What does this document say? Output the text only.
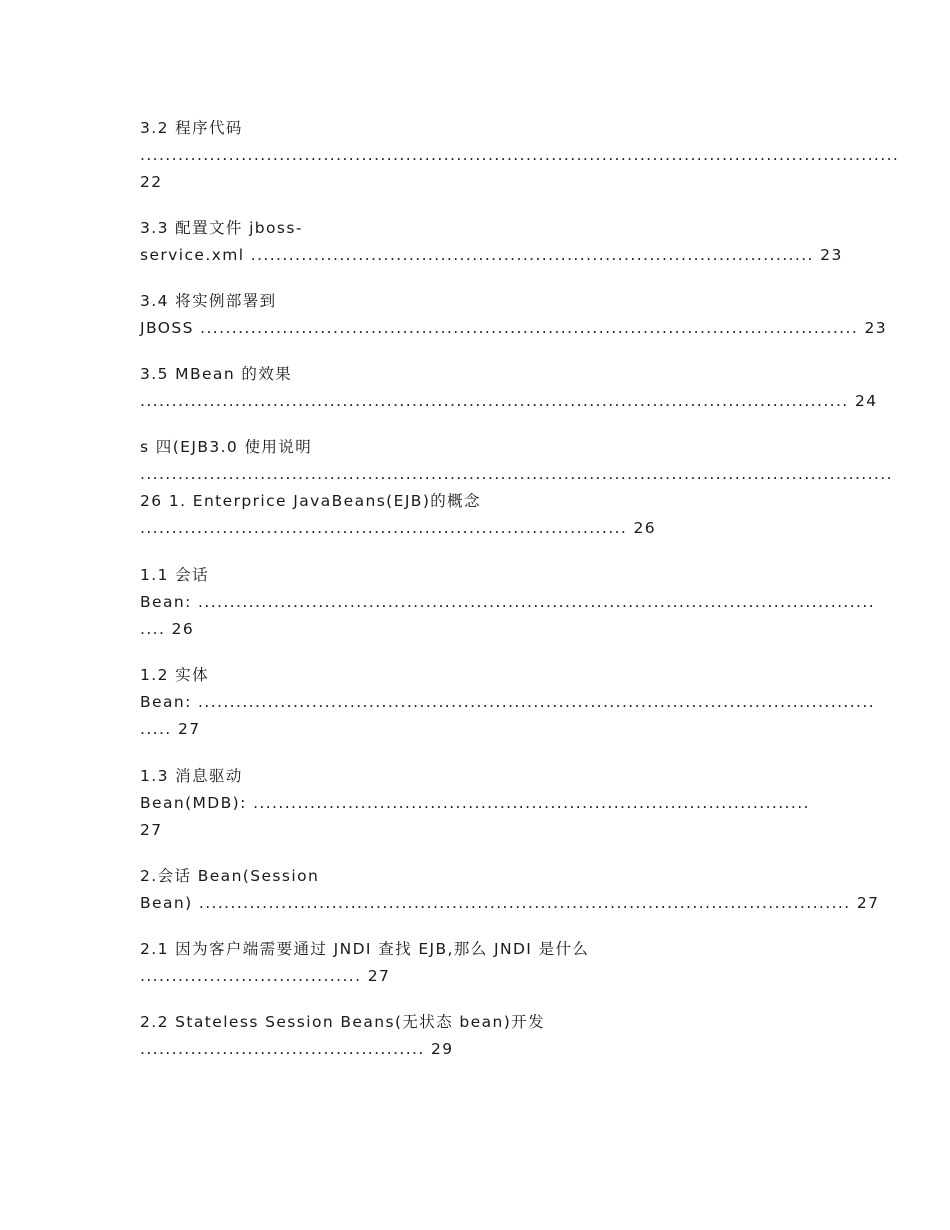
3.2 程序代码
........................................................................................................................
22
3.3 配置文件 jboss-
service.xml ......................................................................................... 23
3.4 将实例部署到
JBOSS ........................................................................................................ 23
3.5 MBean 的效果
................................................................................................................ 24
s 四(EJB3.0 使用说明
.......................................................................................................................
26 1. Enterprice JavaBeans(EJB)的概念
............................................................................. 26
1.1 会话
Bean: ...........................................................................................................
.... 26
1.2 实体
Bean: ...........................................................................................................
..... 27
1.3 消息驱动
Bean(MDB): ........................................................................................
27
2.会话 Bean(Session
Bean) ....................................................................................................... 27
2.1 因为客户端需要通过 JNDI 查找 EJB,那么 JNDI 是什么
................................... 27
2.2 Stateless Session Beans(无状态 bean)开发
............................................. 29
